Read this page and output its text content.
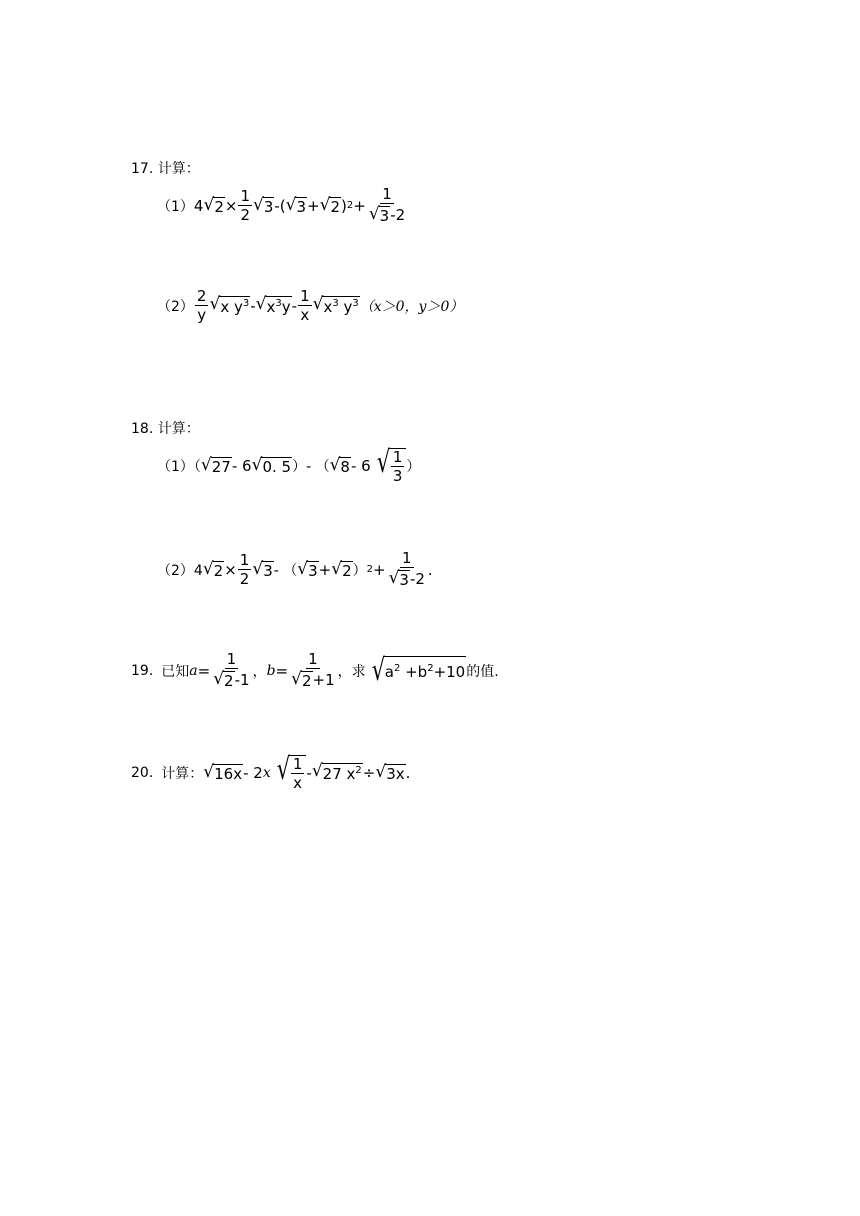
17. 计算：
（1） 4 √ $2 \times \frac{1}{2}$ √ 3 -( √ 3 + √ 2 ) $2 + \frac{1}{√ 3 -2}$
$(2) \frac{2}{y}$ √ x $y^3$ - √ $x^3y - \frac{1}{x}$ √ $x^3$ $y^3$ （x＞0，y＞0）
18. 计算：
（1）（ √ 27 - 6 √ 0. 5 ） - （ √ 8 - 6 √ $\frac{1}{3}$ ）
（2）4 √ $2 \times \frac{1}{2}$ √ 3 - （ √ 3 + √ 2 ） $2 + \frac{1}{√ 3 -2}$ .
19. 已知 $a = \frac{1}{√ 2 -1}$ ， $b = \frac{1}{√ 2 +1}$ ，求 √ $a^2 +b^2+10$ 的值.
20. 计算： √ 16x - 2 x √ $\frac{1}{x}$ - √ 27 $x^2$ ÷ √ 3x .
